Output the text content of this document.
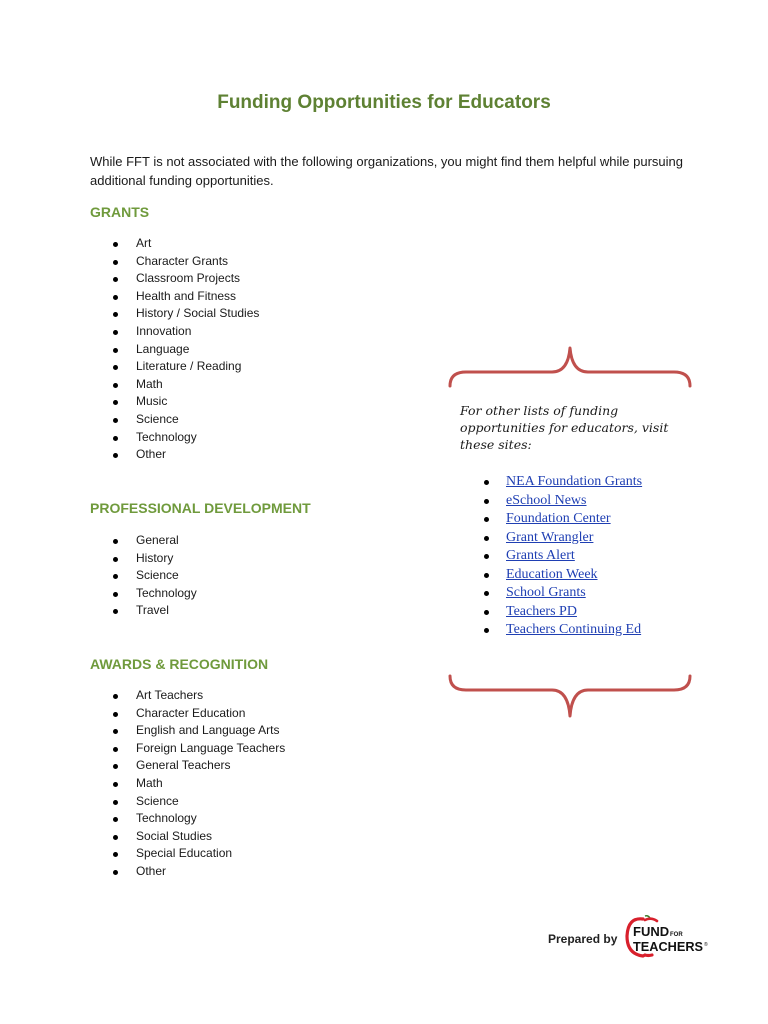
Funding Opportunities for Educators

While FFT is not associated with the following organizations, you might find them helpful while pursuing additional funding opportunities.

GRANTS
Art
Character Grants
Classroom Projects
Health and Fitness
History / Social Studies
Innovation
Language
Literature / Reading
Math
Music
Science
Technology
Other
PROFESSIONAL DEVELOPMENT
General
History
Science
Technology
Travel
AWARDS & RECOGNITION
Art Teachers
Character Education
English and Language Arts
Foreign Language Teachers
General Teachers
Math
Science
Technology
Social Studies
Special Education
Other

For other lists of funding opportunities for educators, visit these sites:

NEA Foundation Grants
eSchool News
Foundation Center
Grant Wrangler
Grants Alert
Education Week
School Grants
Teachers PD
Teachers Continuing Ed
Prepared by FUND FOR
TEACHERS ®
